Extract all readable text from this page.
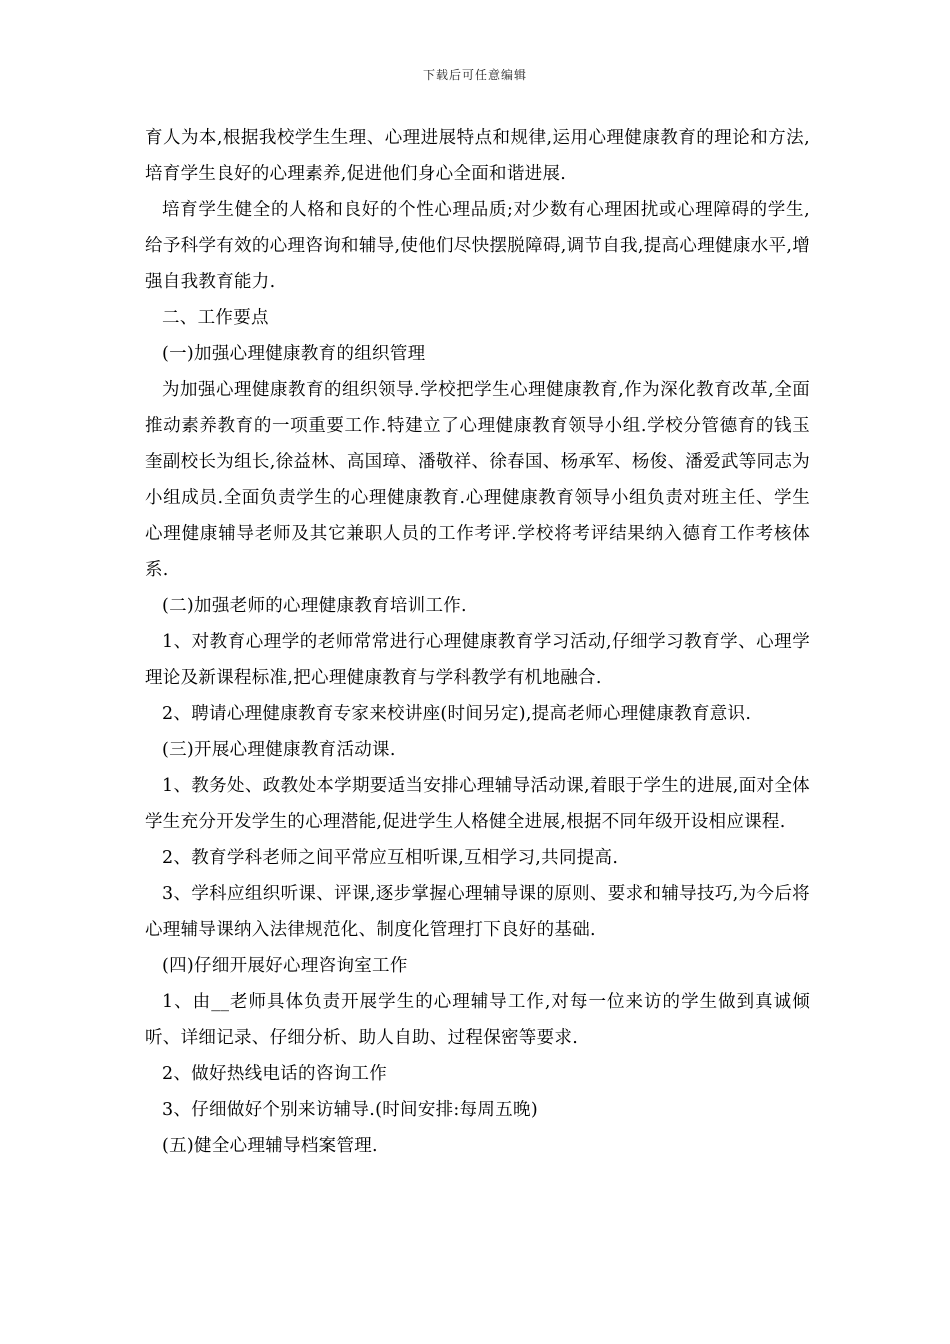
下载后可任意编辑

育人为本,根据我校学生生理、心理进展特点和规律,运用心理健康教育的理论和方法,培育学生良好的心理素养,促进他们身心全面和谐进展.

培育学生健全的人格和良好的个性心理品质;对少数有心理困扰或心理障碍的学生,给予科学有效的心理咨询和辅导,使他们尽快摆脱障碍,调节自我,提高心理健康水平,增强自我教育能力.

二、工作要点

(一)加强心理健康教育的组织管理

为加强心理健康教育的组织领导.学校把学生心理健康教育,作为深化教育改革,全面推动素养教育的一项重要工作.特建立了心理健康教育领导小组.学校分管德育的钱玉奎副校长为组长,徐益林、高国璋、潘敬祥、徐春国、杨承军、杨俊、潘爱武等同志为小组成员.全面负责学生的心理健康教育.心理健康教育领导小组负责对班主任、学生心理健康辅导老师及其它兼职人员的工作考评.学校将考评结果纳入德育工作考核体系.

(二)加强老师的心理健康教育培训工作.

1、对教育心理学的老师常常进行心理健康教育学习活动,仔细学习教育学、心理学理论及新课程标准,把心理健康教育与学科教学有机地融合.

2、聘请心理健康教育专家来校讲座(时间另定),提高老师心理健康教育意识.

(三)开展心理健康教育活动课.

1、教务处、政教处本学期要适当安排心理辅导活动课,着眼于学生的进展,面对全体学生充分开发学生的心理潜能,促进学生人格健全进展,根据不同年级开设相应课程.

2、教育学科老师之间平常应互相听课,互相学习,共同提高.

3、学科应组织听课、评课,逐步掌握心理辅导课的原则、要求和辅导技巧,为今后将心理辅导课纳入法律规范化、制度化管理打下良好的基础.

(四)仔细开展好心理咨询室工作

1、由__老师具体负责开展学生的心理辅导工作,对每一位来访的学生做到真诚倾听、详细记录、仔细分析、助人自助、过程保密等要求.

2、做好热线电话的咨询工作

3、仔细做好个别来访辅导.(时间安排:每周五晚)

(五)健全心理辅导档案管理.
